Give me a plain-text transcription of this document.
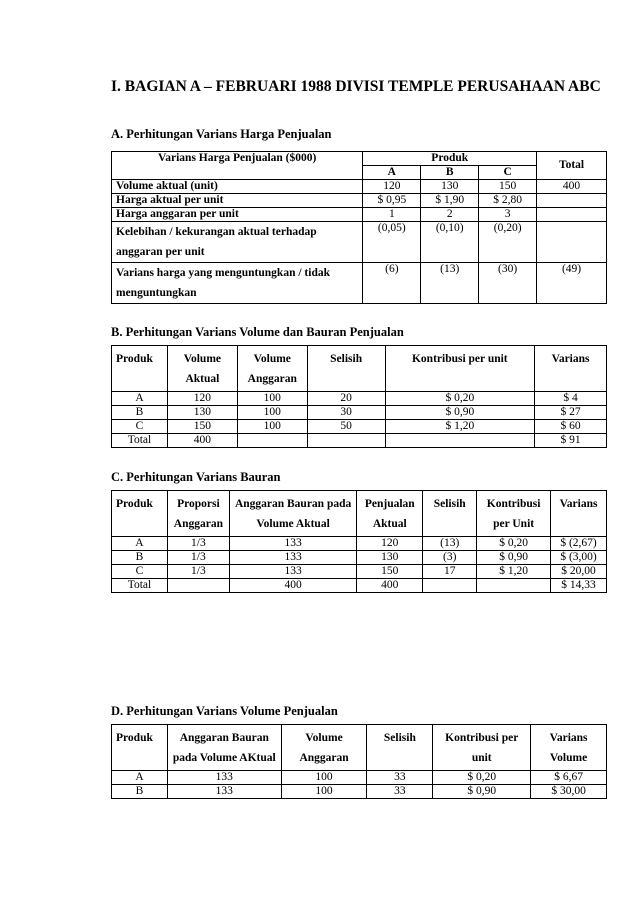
I. BAGIAN A – FEBRUARI 1988 DIVISI TEMPLE PERUSAHAAN ABC
A. Perhitungan Varians Harga Penjualan
Varians Harga Penjualan ($000)	Produk			Total
	A	B	C	
Volume aktual (unit)	120	130	150	400
Harga aktual per unit	$ 0,95	$ 1,90	$ 2,80	
Harga anggaran per unit	1	2	3	
Kelebihan / kekurangan aktual terhadap anggaran per unit	(0,05)	(0,10)	(0,20)	
Varians harga yang menguntungkan / tidak menguntungkan	(6)	(13)	(30)	(49)
B. Perhitungan Varians Volume dan Bauran Penjualan
Produk	Volume Aktual	Volume Anggaran	Selisih	Kontribusi per unit	Varians
A	120	100	20	$ 0,20	$ 4
B	130	100	30	$ 0,90	$ 27
C	150	100	50	$ 1,20	$ 60
Total	400				$ 91
C. Perhitungan Varians Bauran
Produk	Proporsi Anggaran	Anggaran Bauran pada Volume Aktual	Penjualan Aktual	Selisih	Kontribusi per Unit	Varians
A	1/3	133	120	(13)	$ 0,20	$ (2,67)
B	1/3	133	130	(3)	$ 0,90	$ (3,00)
C	1/3	133	150	17	$ 1,20	$ 20,00
Total		400	400			$ 14,33
D. Perhitungan Varians Volume Penjualan
Produk	Anggaran Bauran pada Volume AKtual	Volume Anggaran	Selisih	Kontribusi per unit	Varians Volume
A	133	100	33	$ 0,20	$ 6,67
B	133	100	33	$ 0,90	$ 30,00
